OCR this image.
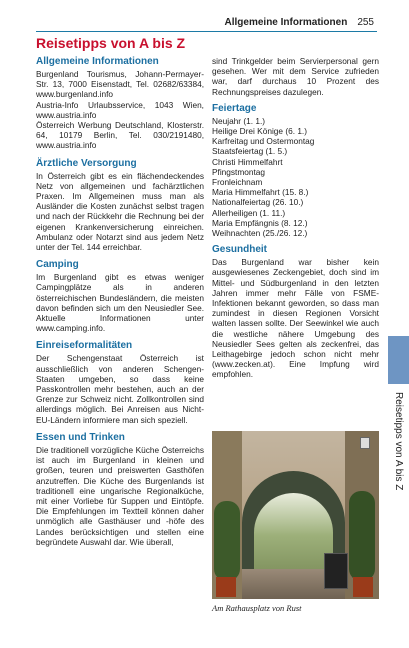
Allgemeine Informationen 255
Reisetipps von A bis Z
Allgemeine Informationen

Burgenland Tourismus, Johann-Permayer-Str. 13, 7000 Eisenstadt, Tel. 02682/63384, www.burgenland.info

Austria-Info Urlaubsservice, 1043 Wien, www.austria.info

Österreich Werbung Deutschland, Klosterstr. 64, 10179 Berlin, Tel. 030/2191480, www.austria.info

Ärztliche Versorgung

In Österreich gibt es ein flächendeckendes Netz von allgemeinen und fachärztlichen Praxen. Im Allgemeinen muss man als Ausländer die Kosten zunächst selbst tragen und nach der Rückkehr die Rechnung bei der eigenen Krankenversicherung einreichen. Ambulanz oder Notarzt sind aus jedem Netz unter der Tel. 144 erreichbar.

Camping

Im Burgenland gibt es etwas weniger Campingplätze als in anderen österreichischen Bundesländern, die meisten davon befinden sich um den Neusiedler See. Aktuelle Informationen unter www.camping.info.

Einreiseformalitäten

Der Schengenstaat Österreich ist ausschließlich von anderen Schengen-Staaten umgeben, so dass keine Passkontrollen mehr bestehen, auch an der Grenze zur Schweiz nicht. Zollkontrollen sind allerdings möglich. Bei Anreisen aus Nicht-EU-Ländern informiere man sich speziell.

Essen und Trinken

Die traditionell vorzügliche Küche Österreichs ist auch im Burgenland in kleinen und großen, teuren und preiswerten Gasthöfen anzutreffen. Die Küche des Burgenlands ist traditionell eine ungarische Regionalküche, mit einer Vorliebe für Suppen und Eintöpfe. Die Empfehlungen im Textteil können daher unmöglich alle Gasthäuser und -höfe des Landes berücksichtigen und stellen eine begründete Auswahl dar. Wie überall,

sind Trinkgelder beim Servierpersonal gern gesehen. Wer mit dem Service zufrieden war, darf durchaus 10 Prozent des Rechnungspreises dazulegen.

Feiertage
Neujahr (1. 1.)
Heilige Drei Könige (6. 1.)
Karfreitag und Ostermontag
Staatsfeiertag (1. 5.)
Christi Himmelfahrt
Pfingstmontag
Fronleichnam
Maria Himmelfahrt (15. 8.)
Nationalfeiertag (26. 10.)
Allerheiligen (1. 11.)
Maria Empfängnis (8. 12.)
Weihnachten (25./26. 12.)
Gesundheit

Das Burgenland war bisher kein ausgewiesenes Zeckengebiet, doch sind im Mittel- und Südburgenland in den letzten Jahren immer mehr Fälle von FSME-Infektionen bekannt geworden, so dass man zumindest in diesen Regionen Vorsicht walten lassen sollte. Der Seewinkel wie auch die westliche nähere Umgebung des Neusiedler Sees gelten als zeckenfrei, das Leithagebirge jedoch schon nicht mehr (www.zecken.at). Eine Impfung wird empfohlen.

Am Rathausplatz von Rust
Reisetipps von A bis Z
